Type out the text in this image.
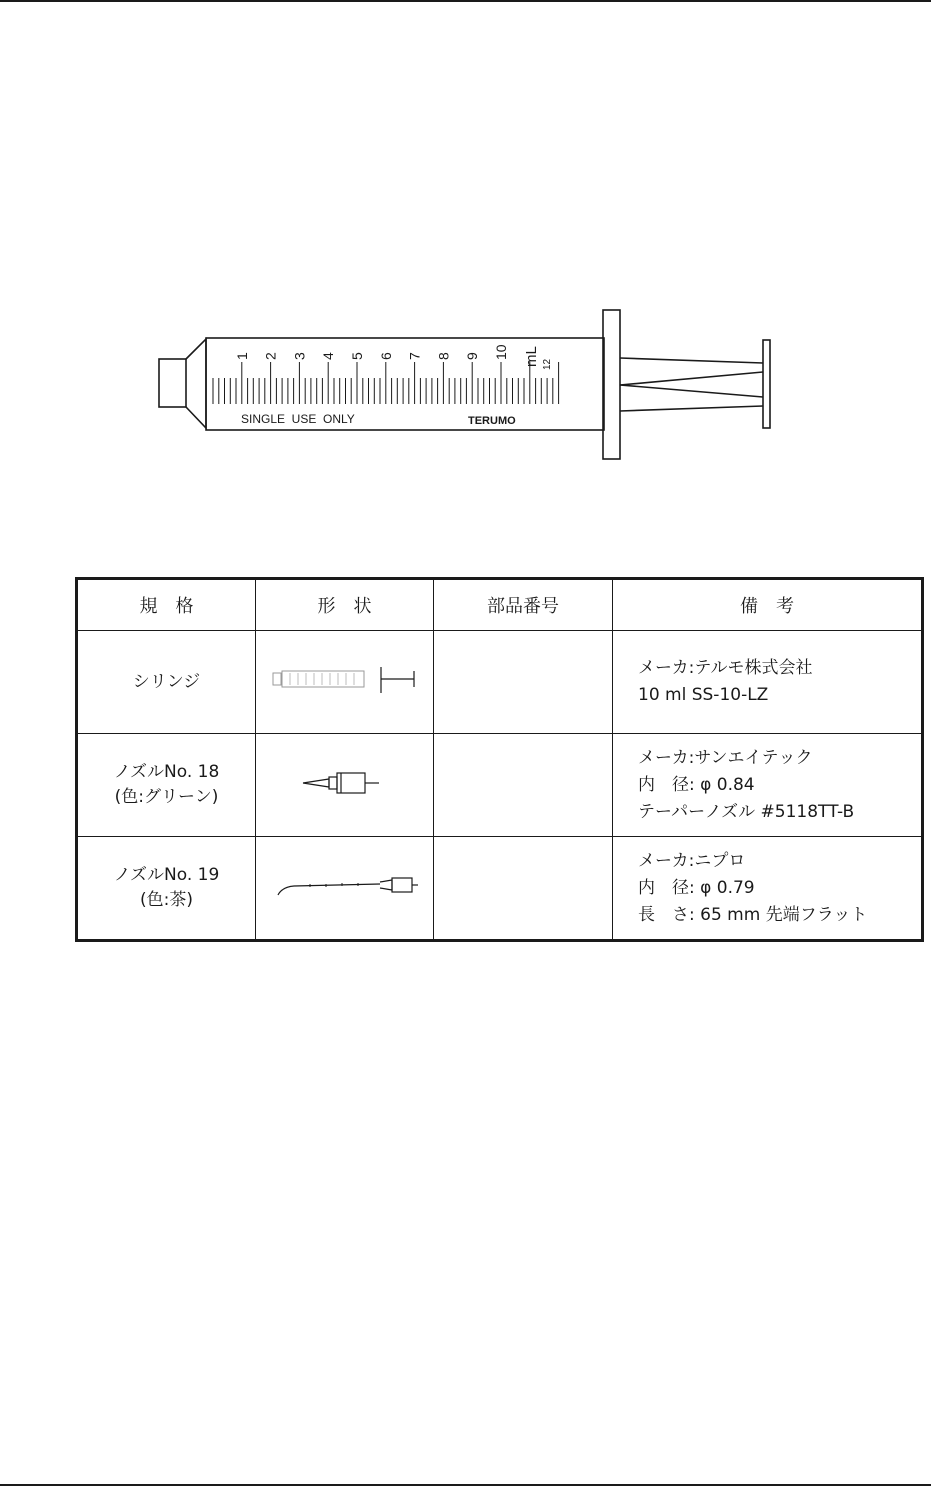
1 2 3 4 5 6 7 8 9 10 mL 12
SINGLE  USE  ONLY	TERUMO
規　格	形　状	部品番号	備　考

シリンジ			メーカ:テルモ株式会社
10 ml SS-10-LZ

ノズルNo. 18
(色:グリーン)			メーカ:サンエイテック
内　径: φ 0.84
テーパーノズル #5118TT-B

ノズルNo. 19
(色:茶)			メーカ:ニプロ
内　径: φ 0.79
長　さ: 65 mm 先端フラット
